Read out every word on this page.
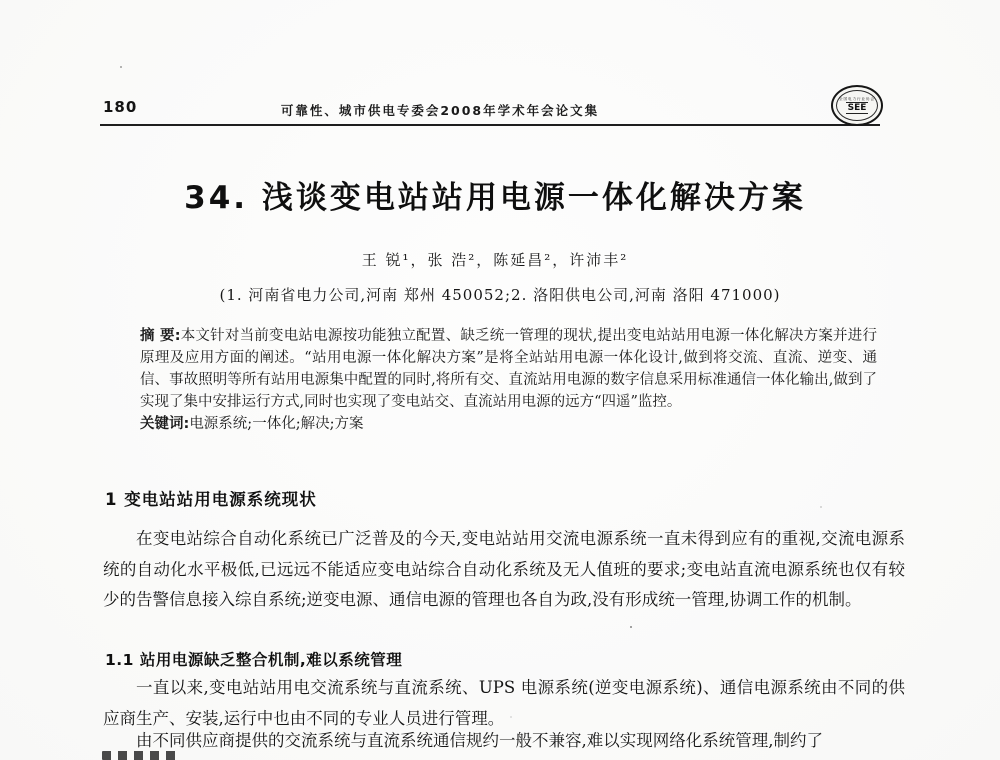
180	可靠性、城市供电专委会2008年学术年会论文集
全国电力行业协会
SEE
34. 浅谈变电站站用电源一体化解决方案
王 锐¹，张 浩²，陈延昌²，许沛丰²
(1. 河南省电力公司,河南 郑州 450052;2. 洛阳供电公司,河南 洛阳 471000)

摘 要:本文针对当前变电站电源按功能独立配置、缺乏统一管理的现状,提出变电站站用电源一体化解决方案并进行原理及应用方面的阐述。“站用电源一体化解决方案”是将全站站用电源一体化设计,做到将交流、直流、逆变、通信、事故照明等所有站用电源集中配置的同时,将所有交、直流站用电源的数字信息采用标准通信一体化输出,做到了实现了集中安排运行方式,同时也实现了变电站交、直流站用电源的远方“四遥”监控。

关键词:电源系统;一体化;解决;方案

1 变电站站用电源系统现状

在变电站综合自动化系统已广泛普及的今天,变电站站用交流电源系统一直未得到应有的重视,交流电源系统的自动化水平极低,已远远不能适应变电站综合自动化系统及无人值班的要求;变电站直流电源系统也仅有较少的告警信息接入综自系统;逆变电源、通信电源的管理也各自为政,没有形成统一管理,协调工作的机制。

1.1 站用电源缺乏整合机制,难以系统管理

一直以来,变电站站用电交流系统与直流系统、UPS 电源系统(逆变电源系统)、通信电源系统由不同的供应商生产、安装,运行中也由不同的专业人员进行管理。

由不同供应商提供的交流系统与直流系统通信规约一般不兼容,难以实现网络化系统管理,制约了
